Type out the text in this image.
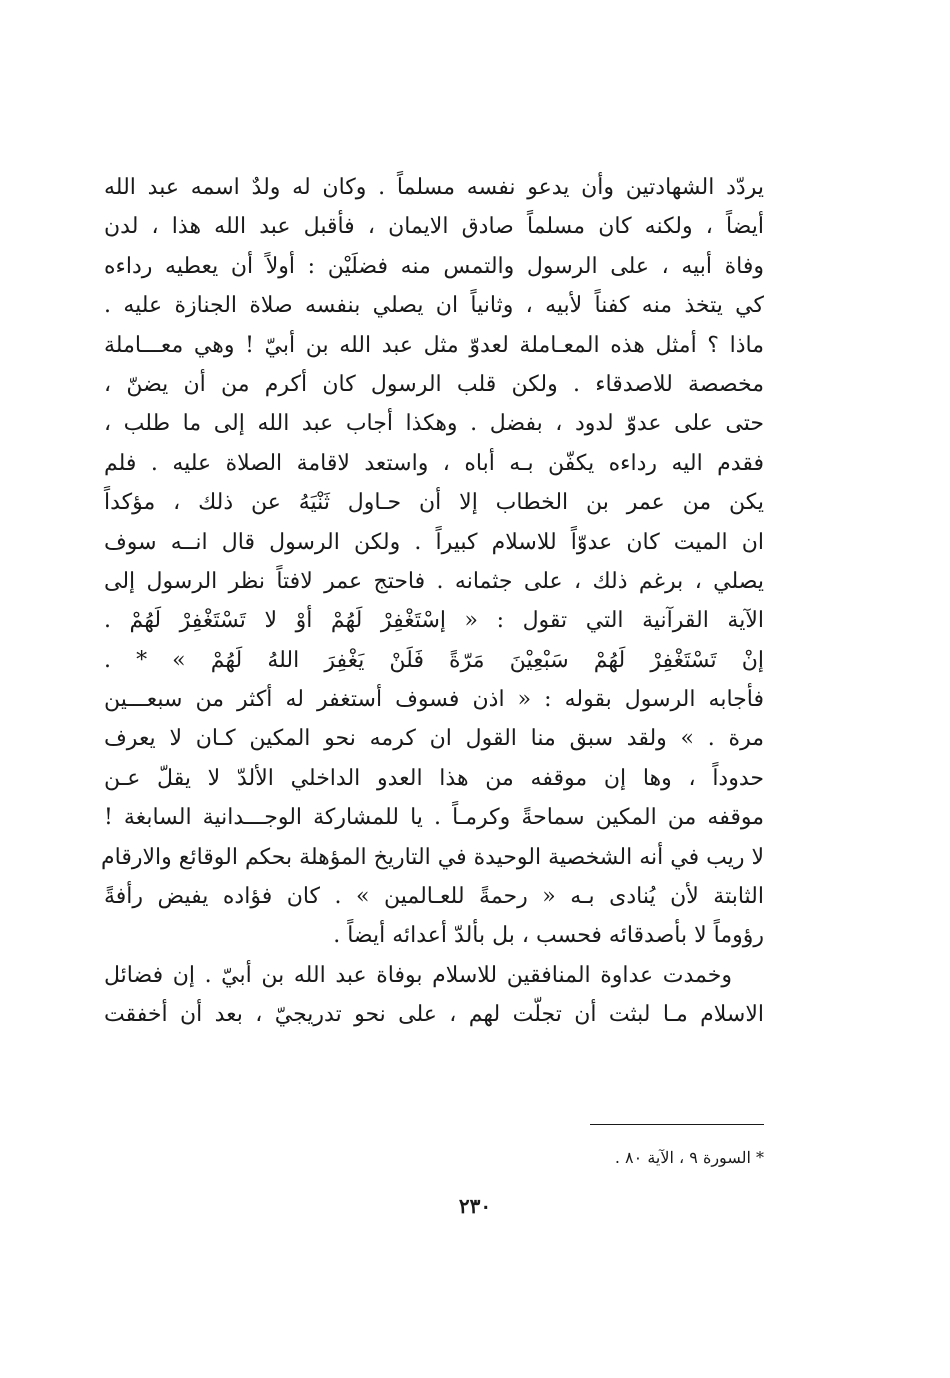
يردّد الشهادتين وأن يدعو نفسه مسلماً . وكان له ولدٌ اسمه عبد الله
أيضاً ، ولكنه كان مسلماً صادق الايمان ، فأقبل عبد الله هذا ، لدن
وفاة أبيه ، على الرسول والتمس منه فضلَيْن : أولاً أن يعطيه رداءه
كي يتخذ منه كفناً لأبيه ، وثانياً ان يصلي بنفسه صلاة الجنازة عليه .
ماذا ؟ أمثل هذه المعـاملة لعدوّ مثل عبد الله بن أبيّ ! وهي معـــاملة
مخصصة للاصدقاء . ولكن قلب الرسول كان أكرم من أن يضنّ ،
حتى على عدوّ لدود ، بفضل . وهكذا أجاب عبد الله إلى ما طلب ،
فقدم اليه رداءه يكفّن بـه أباه ، واستعد لاقامة الصلاة عليه . فلم
يكن من عمر بن الخطاب إلا أن حـاول ثَنْيَهُ عن ذلك ، مؤكداً
ان الميت كان عدوّاً للاسلام كبيراً . ولكن الرسول قال انــه سوف
يصلي ، برغم ذلك ، على جثمانه . فاحتج عمر لافتاً نظر الرسول إلى
الآية القرآنية التي تقول : « إسْتَغْفِرْ لَهُمْ أوْ لا تَسْتَغْفِرْ لَهُمْ .
إنْ تَسْتَغْفِرْ لَهُمْ سَبْعِيْنَ مَرّةً فَلَنْ يَغْفِرَ اللهُ لَهُمْ » * .
فأجابه الرسول بقوله : « اذن فسوف أستغفر له أكثر من سبعـــين
مرة . » ولقد سبق منا القول ان كرمه نحو المكين كـان لا يعرف
حدوداً ، وها إن موقفه من هذا العدو الداخلي الألدّ لا يقلّ عـن
موقفه من المكين سماحةً وكرمـاً . يا للمشاركة الوجـــدانية السابغة !
لا ريب في أنه الشخصية الوحيدة في التاريخ المؤهلة بحكم الوقائع والارقام
الثابتة لأن يُنادى بـه « رحمةً للعـالمين » . كان فؤاده يفيض رأفةً
رؤوماً لا بأصدقائه فحسب ، بل بألدّ أعدائه أيضاً .
وخمدت عداوة المنافقين للاسلام بوفاة عبد الله بن أبيّ . إن فضائل
الاسلام مـا لبثت أن تجلّت لهم ، على نحو تدريجيّ ، بعد أن أخفقت
* السورة ٩ ، الآية ٨٠ .
٢٣٠
